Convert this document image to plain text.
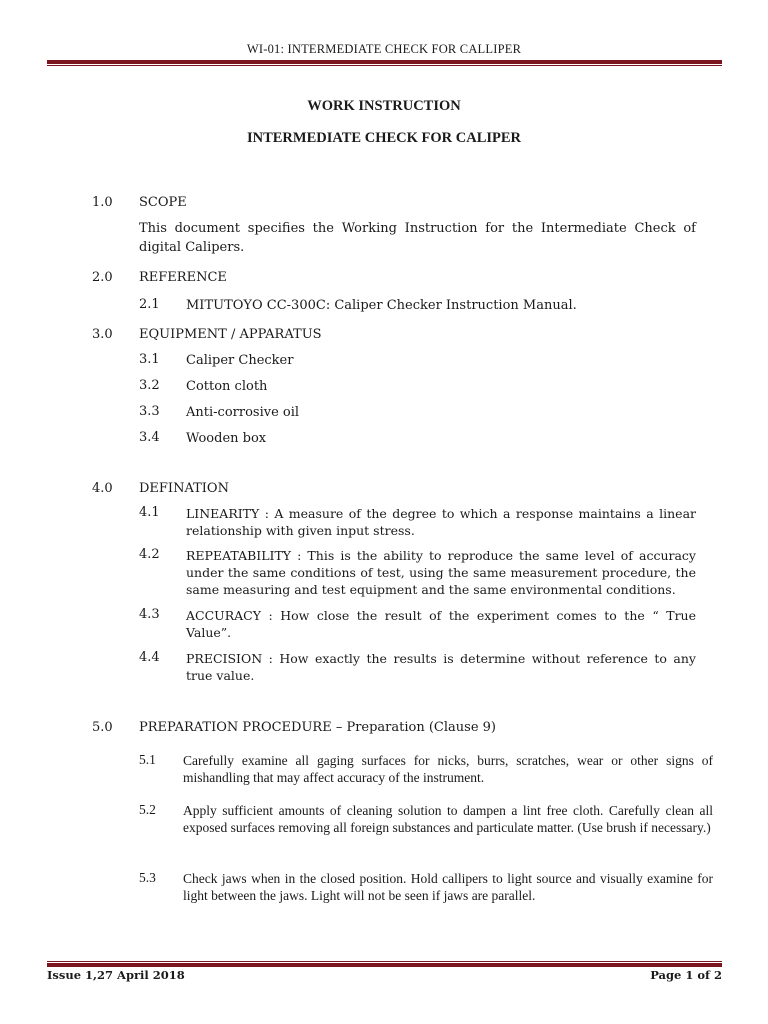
WI-01: INTERMEDIATE CHECK FOR CALLIPER
WORK INSTRUCTION
INTERMEDIATE CHECK FOR CALIPER
1.0 SCOPE
This document specifies the Working Instruction for the Intermediate Check of digital Calipers.
2.0 REFERENCE
2.1 MITUTOYO CC-300C: Caliper Checker Instruction Manual.
3.0 EQUIPMENT / APPARATUS
3.1 Caliper Checker
3.2 Cotton cloth
3.3 Anti-corrosive oil
3.4 Wooden box
4.0 DEFINATION
4.1 LINEARITY : A measure of the degree to which a response maintains a linear relationship with given input stress.
4.2 REPEATABILITY : This is the ability to reproduce the same level of accuracy under the same conditions of test, using the same measurement procedure, the same measuring and test equipment and the same environmental conditions.
4.3 ACCURACY : How close the result of the experiment comes to the “ True Value”.
4.4 PRECISION : How exactly the results is determine without reference to any true value.
5.0 PREPARATION PROCEDURE – Preparation (Clause 9)
5.1 Carefully examine all gaging surfaces for nicks, burrs, scratches, wear or other signs of mishandling that may affect accuracy of the instrument.
5.2 Apply sufficient amounts of cleaning solution to dampen a lint free cloth. Carefully clean all exposed surfaces removing all foreign substances and particulate matter. (Use brush if necessary.)
5.3 Check jaws when in the closed position. Hold callipers to light source and visually examine for light between the jaws. Light will not be seen if jaws are parallel.
Issue 1,27 April 2018	Page 1 of 2
